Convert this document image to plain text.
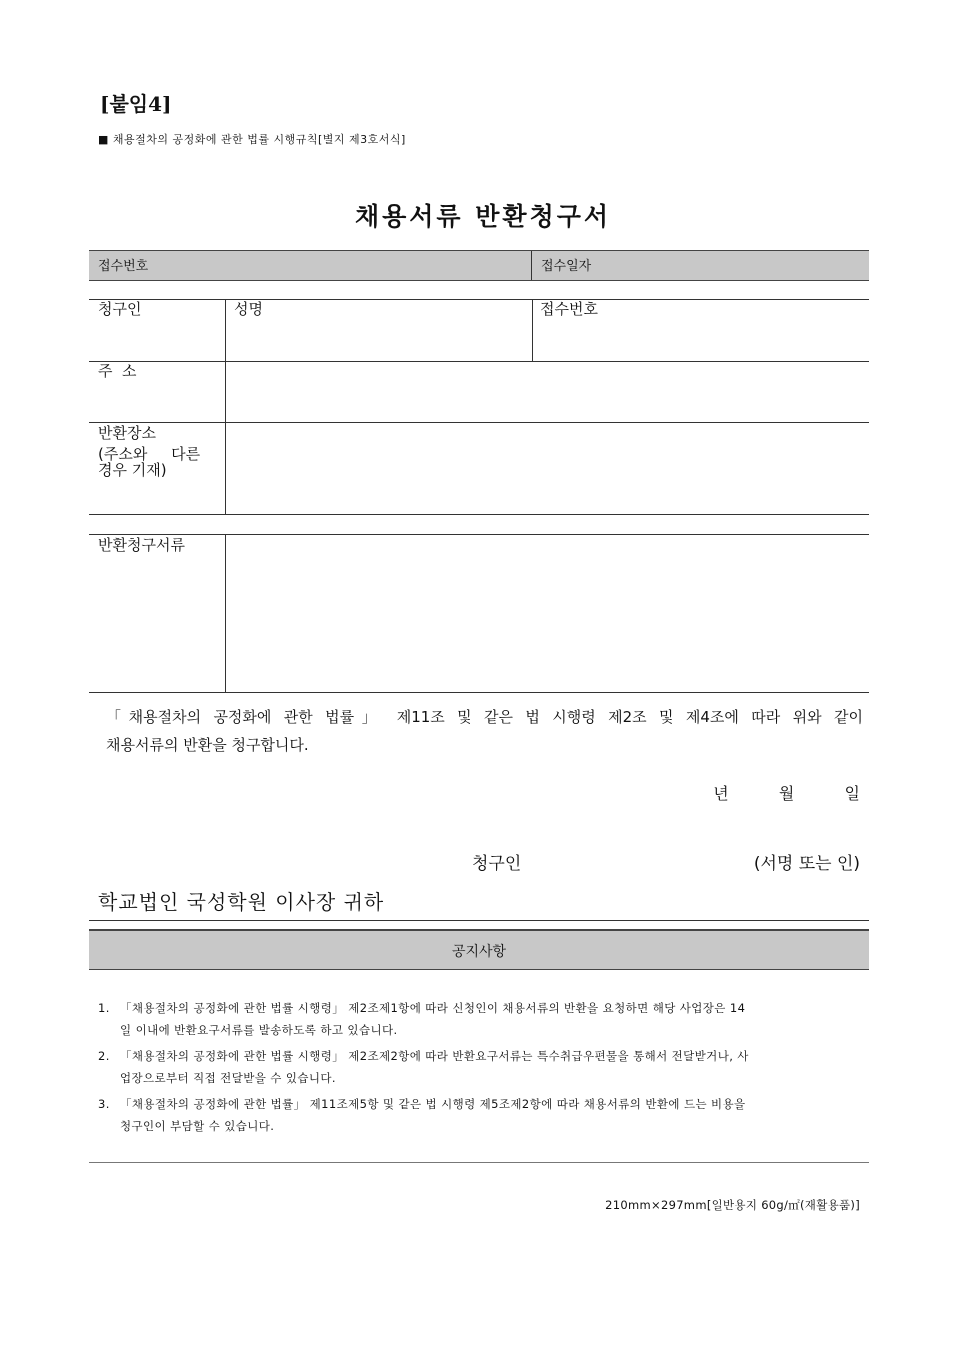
[붙임4]
■ 채용절차의 공정화에 관한 법률 시행규칙[별지 제3호서식]
채용서류 반환청구서
접수번호	접수일자
청구인	성명	접수번호
주  소
반환장소
(주소와     다른
경우 기재)
반환청구서류
「채용절차의 공정화에 관한 법률」 제11조 및 같은 법 시행령 제2조 및 제4조에 따라 위와 같이
채용서류의 반환을 청구합니다.
년  월  일
청구인	(서명 또는 인)
학교법인 국성학원 이사장 귀하
공지사항
1. 「채용절차의 공정화에 관한 법률 시행령」 제2조제1항에 따라 신청인이 채용서류의 반환을 요청하면 해당 사업장은 14
일 이내에 반환요구서류를 발송하도록 하고 있습니다.
2. 「채용절차의 공정화에 관한 법률 시행령」 제2조제2항에 따라 반환요구서류는 특수취급우편물을 통해서 전달받거나, 사
업장으로부터 직접 전달받을 수 있습니다.
3. 「채용절차의 공정화에 관한 법률」 제11조제5항 및 같은 법 시행령 제5조제2항에 따라 채용서류의 반환에 드는 비용을
청구인이 부담할 수 있습니다.
210mm×297mm[일반용지 60g/㎡(재활용품)]
